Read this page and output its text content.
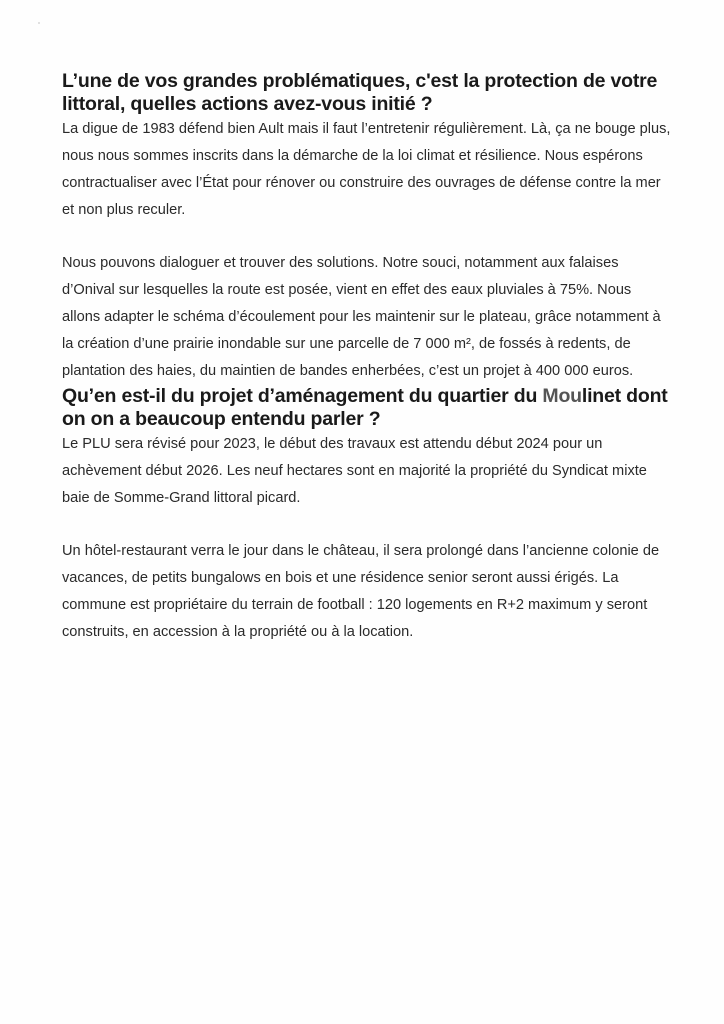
L’une de vos grandes problématiques, c'est la protection de votre littoral, quelles actions avez-vous initié ?

La digue de 1983 défend bien Ault mais il faut l’entretenir régulièrement. Là, ça ne bouge plus, nous nous sommes inscrits dans la démarche de la loi climat et résilience. Nous espérons contractualiser avec l’État pour rénover ou construire des ouvrages de défense contre la mer et non plus reculer.

Nous pouvons dialoguer et trouver des solutions. Notre souci, notamment aux falaises d’Onival sur lesquelles la route est posée, vient en effet des eaux pluviales à 75%. Nous allons adapter le schéma d’écoulement pour les maintenir sur le plateau, grâce notamment à la création d’une prairie inondable sur une parcelle de 7 000 m², de fossés à redents, de plantation des haies, du maintien de bandes enherbées, c’est un projet à 400 000 euros.

Qu’en est-il du projet d’aménagement du quartier du Moulinet dont on on a beaucoup entendu parler ?

Le PLU sera révisé pour 2023, le début des travaux est attendu début 2024 pour un achèvement début 2026. Les neuf hectares sont en majorité la propriété du Syndicat mixte baie de Somme-Grand littoral picard.

Un hôtel-restaurant verra le jour dans le château, il sera prolongé dans l’ancienne colonie de vacances, de petits bungalows en bois et une résidence senior seront aussi érigés. La commune est propriétaire du terrain de football : 120 logements en R+2 maximum y seront construits, en accession à la propriété ou à la location.
